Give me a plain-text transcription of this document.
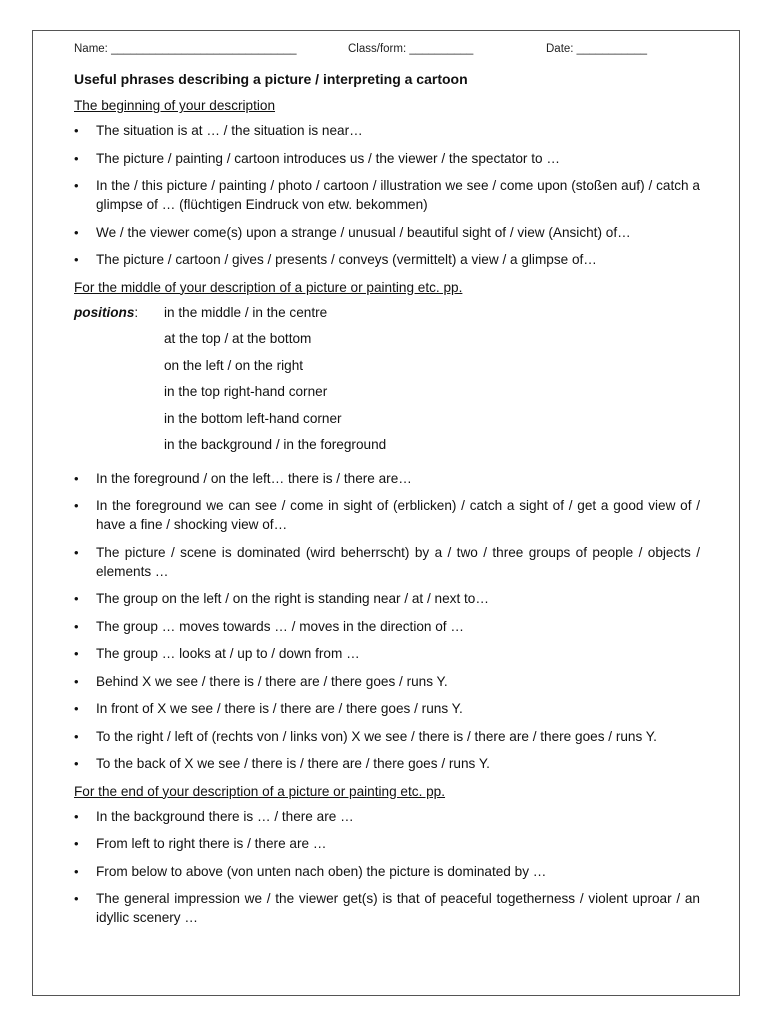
Name: _____________________________	Class/form: __________	Date: ___________
Useful phrases describing a picture / interpreting a cartoon
The beginning of your description
• The situation is at … / the situation is near…
• The picture / painting / cartoon introduces us / the viewer / the spectator to …
• In the / this picture / painting / photo / cartoon / illustration we see / come upon (stoßen auf) / catch a glimpse of … (flüchtigen Eindruck von etw. bekommen)
• We / the viewer come(s) upon a strange / unusual / beautiful sight of / view (Ansicht) of…
• The picture / cartoon / gives / presents / conveys (vermittelt) a view / a glimpse of…
For the middle of your description of a picture or painting etc. pp.
positions:	in the middle / in the centre
at the top / at the bottom
on the left / on the right
in the top right-hand corner
in the bottom left-hand corner
in the background / in the foreground
• In the foreground / on the left… there is / there are…
• In the foreground we can see / come in sight of (erblicken) / catch a sight of / get a good view of / have a fine / shocking view of…
• The picture / scene is dominated (wird beherrscht) by a / two / three groups of people / objects / elements …
• The group on the left / on the right is standing near / at / next to…
• The group … moves towards … / moves in the direction of …
• The group … looks at / up to / down from …
• Behind X we see / there is / there are / there goes / runs Y.
• In front of X we see / there is / there are / there goes / runs Y.
• To the right / left of (rechts von / links von) X we see / there is / there are / there goes / runs Y.
• To the back of X we see / there is / there are / there goes / runs Y.
For the end of your description of a picture or painting etc. pp.
• In the background there is … / there are …
• From left to right there is / there are …
• From below to above (von unten nach oben) the picture is dominated by …
• The general impression we / the viewer get(s) is that of peaceful togetherness / violent uproar / an idyllic scenery …
